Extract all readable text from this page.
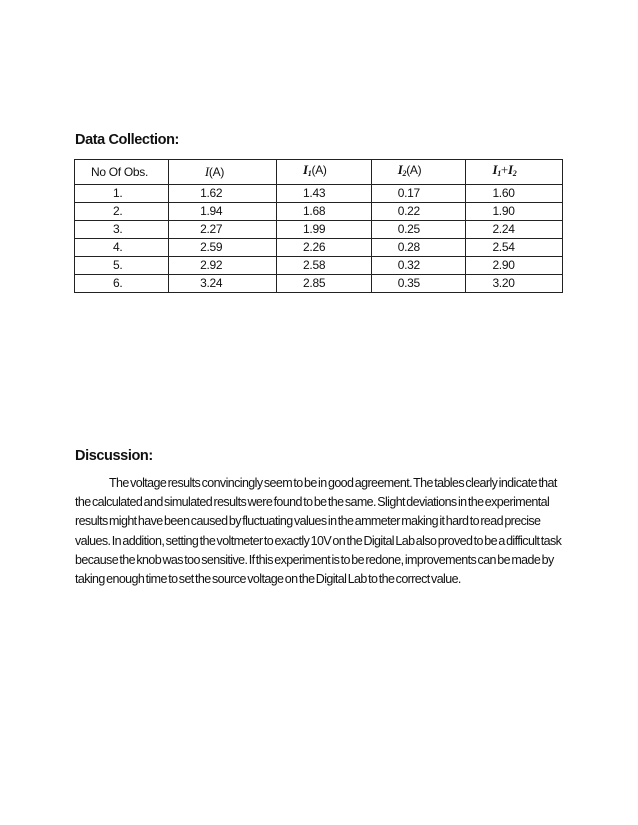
Data Collection:
No Of Obs.	I(A)	$I_1(A)$	$I_2(A)$	$I_1+I_2$
1.	1.62	1.43	0.17	1.60
2.	1.94	1.68	0.22	1.90
3.	2.27	1.99	0.25	2.24
4.	2.59	2.26	0.28	2.54
5.	2.92	2.58	0.32	2.90
6.	3.24	2.85	0.35	3.20
Discussion:

The voltage results convincingly seem to be in good agreement. The tables clearly indicate that the calculated and simulated results were found to be the same. Slight deviations in the experimental results might have been caused by fluctuating values in the ammeter making it hard to read precise values. In addition, setting the voltmeter to exactly 10V on the Digital Lab also proved to be a difficult task because the knob was too sensitive. If this experiment is to be redone, improvements can be made by taking enough time to set the source voltage on the Digital Lab to the correct value.
